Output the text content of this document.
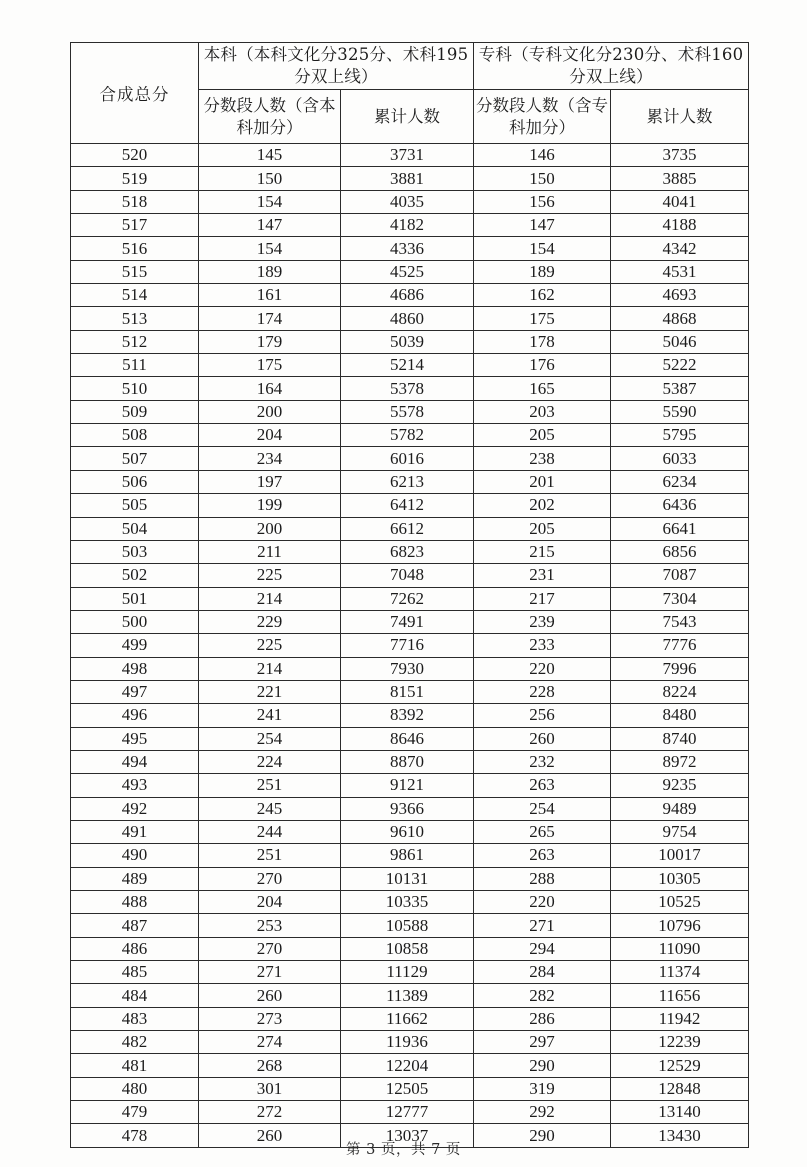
合成总分	本科（本科文化分325分、术科195分双上线）		专科（专科文化分230分、术科160分双上线）	
	分数段人数（含本科加分）	累计人数	分数段人数（含专科加分）	累计人数
520	145	3731	146	3735
519	150	3881	150	3885
518	154	4035	156	4041
517	147	4182	147	4188
516	154	4336	154	4342
515	189	4525	189	4531
514	161	4686	162	4693
513	174	4860	175	4868
512	179	5039	178	5046
511	175	5214	176	5222
510	164	5378	165	5387
509	200	5578	203	5590
508	204	5782	205	5795
507	234	6016	238	6033
506	197	6213	201	6234
505	199	6412	202	6436
504	200	6612	205	6641
503	211	6823	215	6856
502	225	7048	231	7087
501	214	7262	217	7304
500	229	7491	239	7543
499	225	7716	233	7776
498	214	7930	220	7996
497	221	8151	228	8224
496	241	8392	256	8480
495	254	8646	260	8740
494	224	8870	232	8972
493	251	9121	263	9235
492	245	9366	254	9489
491	244	9610	265	9754
490	251	9861	263	10017
489	270	10131	288	10305
488	204	10335	220	10525
487	253	10588	271	10796
486	270	10858	294	11090
485	271	11129	284	11374
484	260	11389	282	11656
483	273	11662	286	11942
482	274	11936	297	12239
481	268	12204	290	12529
480	301	12505	319	12848
479	272	12777	292	13140
478	260	13037	290	13430
第 3 页，共 7 页
